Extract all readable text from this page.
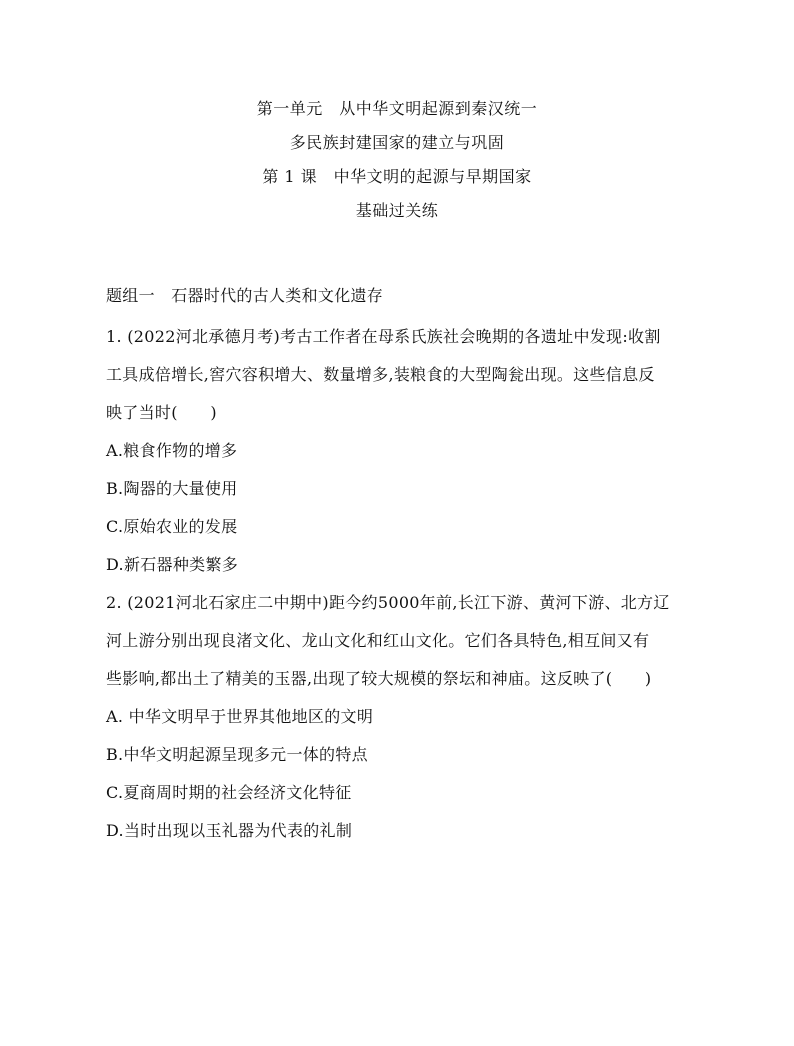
第一单元　从中华文明起源到秦汉统一
多民族封建国家的建立与巩固
第 1 课　中华文明的起源与早期国家
基础过关练
题组一　石器时代的古人类和文化遗存
1. (2022河北承德月考)考古工作者在母系氏族社会晚期的各遗址中发现:收割
工具成倍增长,窖穴容积增大、数量增多,装粮食的大型陶瓮出现。这些信息反
映了当时(　　)
A.粮食作物的增多
B.陶器的大量使用
C.原始农业的发展
D.新石器种类繁多
2. (2021河北石家庄二中期中)距今约5000年前,长江下游、黄河下游、北方辽
河上游分别出现良渚文化、龙山文化和红山文化。它们各具特色,相互间又有
些影响,都出土了精美的玉器,出现了较大规模的祭坛和神庙。这反映了(　　)
A. 中华文明早于世界其他地区的文明
B.中华文明起源呈现多元一体的特点
C.夏商周时期的社会经济文化特征
D.当时出现以玉礼器为代表的礼制
